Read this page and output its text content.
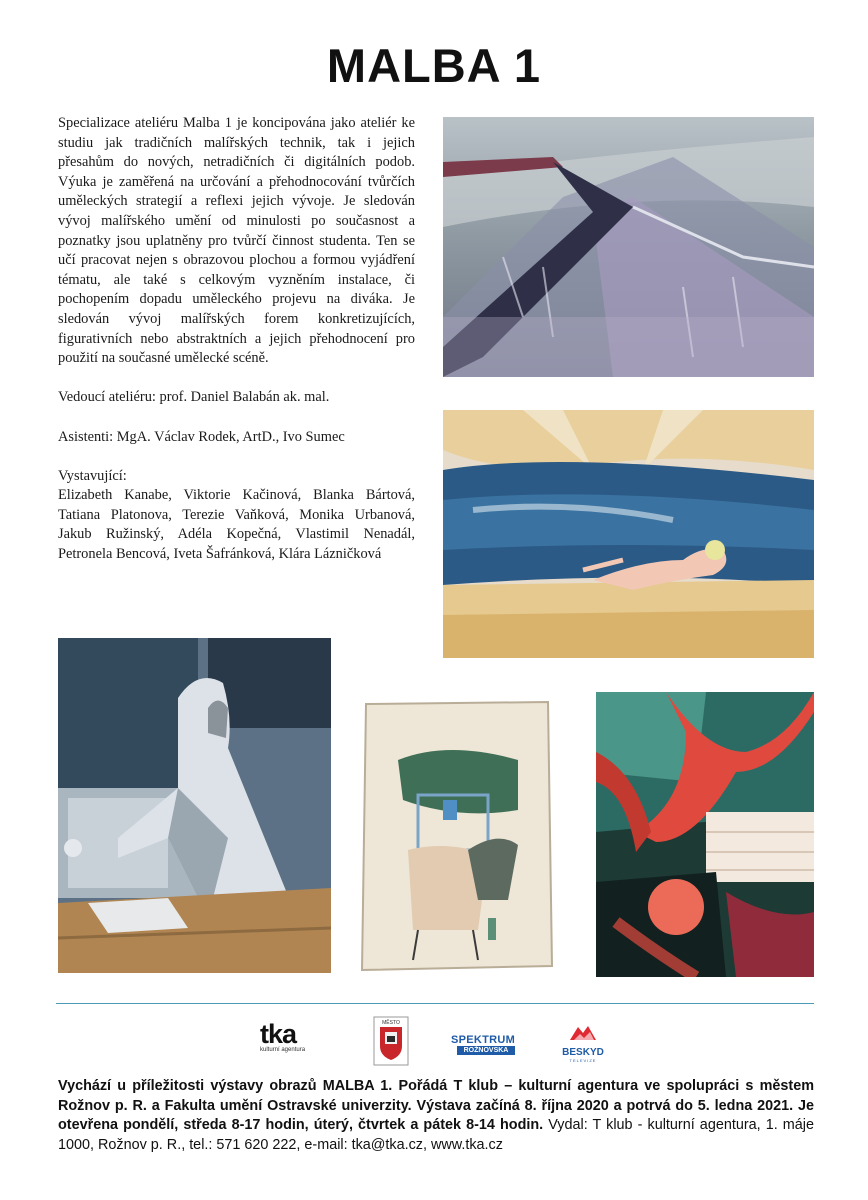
MALBA 1

Specializace ateliéru Malba 1 je koncipována jako ateliér ke studiu jak tradičních malířských technik, tak i jejich přesahům do nových, netradičních či digitálních podob. Výuka je zaměřená na určování a přehodnocování tvůrčích uměleckých strategií a reflexi jejich vývoje. Je sledován vývoj malířského umění od minulosti po současnost a poznatky jsou uplatněny pro tvůrčí činnost studenta. Ten se učí pracovat nejen s obrazovou plochou a formou vyjádření tématu, ale také s celkovým vyzněním instalace, či pochopením dopadu uměleckého projevu na diváka. Je sledován vývoj malířských forem konkretizujících, figurativních nebo abstraktních a jejich přehodnocení pro použití na současné umělecké scéně.

Vedoucí ateliéru: prof. Daniel Balabán ak. mal.

Asistenti: MgA. Václav Rodek, ArtD., Ivo Sumec

Vystavující:

Elizabeth Kanabe, Viktorie Kačinová, Blanka Bártová, Tatiana Platonova, Terezie Vaňková, Monika Urbanová, Jakub Ružinský, Adéla Kopečná, Vlastimil Nenadál, Petronela Bencová, Iveta Šafránková, Klára Lázničková

tka
kulturní agentura
MĚSTO
SPEKTRUM
ROŽNOVSKA	BESKYD
TELEVIZE
Vychází u příležitosti výstavy obrazů MALBA 1. Pořádá T klub – kulturní agentura ve spolupráci s městem Rožnov p. R. a Fakulta umění Ostravské univerzity. Výstava začíná 8. října 2020 a potrvá do 5. ledna 2021. Je otevřena pondělí, středa 8-17 hodin, úterý, čtvrtek a pátek 8-14 hodin. Vydal: T klub - kulturní agentura, 1. máje 1000, Rožnov p. R., tel.: 571 620 222, e-mail: tka@tka.cz, www.tka.cz
